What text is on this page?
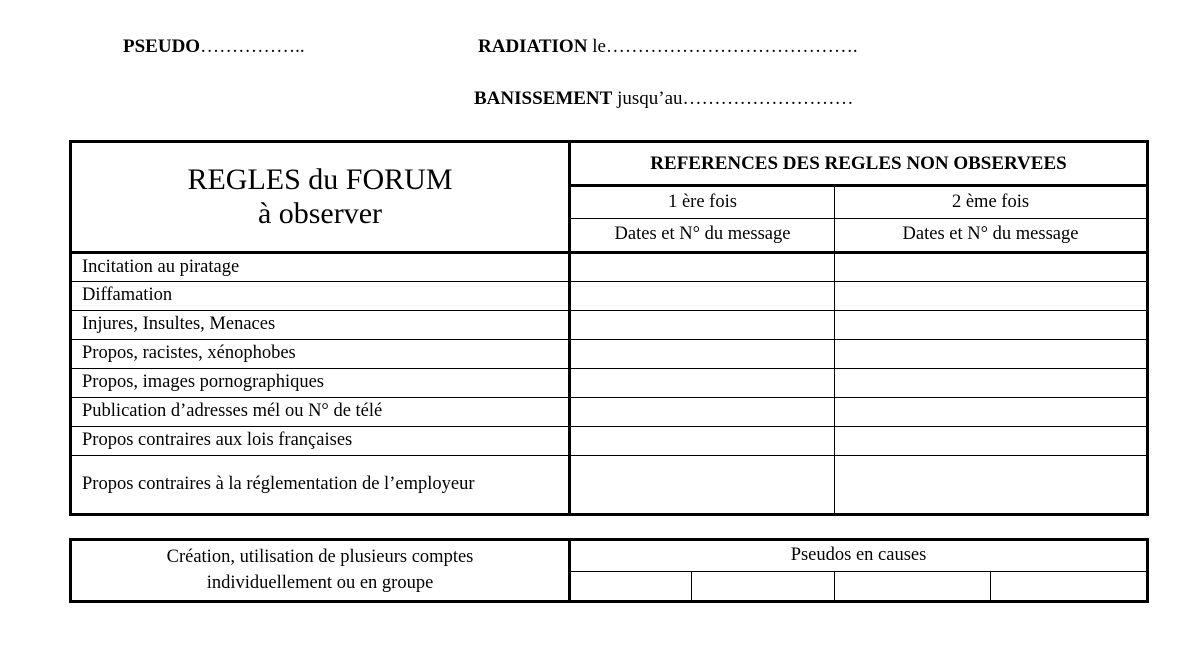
PSEUDO……………..	RADIATION le………………………………….
BANISSEMENT jusqu’au………………………
REGLES du FORUM
à observer	REFERENCES DES REGLES NON OBSERVEES	
	1 ère fois	2 ème fois
	Dates et N° du message	Dates et N° du message
Incitation au piratage		
Diffamation		
Injures, Insultes, Menaces		
Propos, racistes, xénophobes		
Propos, images pornographiques		
Publication d’adresses mél ou N° de télé		
Propos contraires aux lois françaises		
Propos contraires à la réglementation de l’employeur		
Création, utilisation de plusieurs comptes
individuellement ou en groupe	Pseudos en causes			
